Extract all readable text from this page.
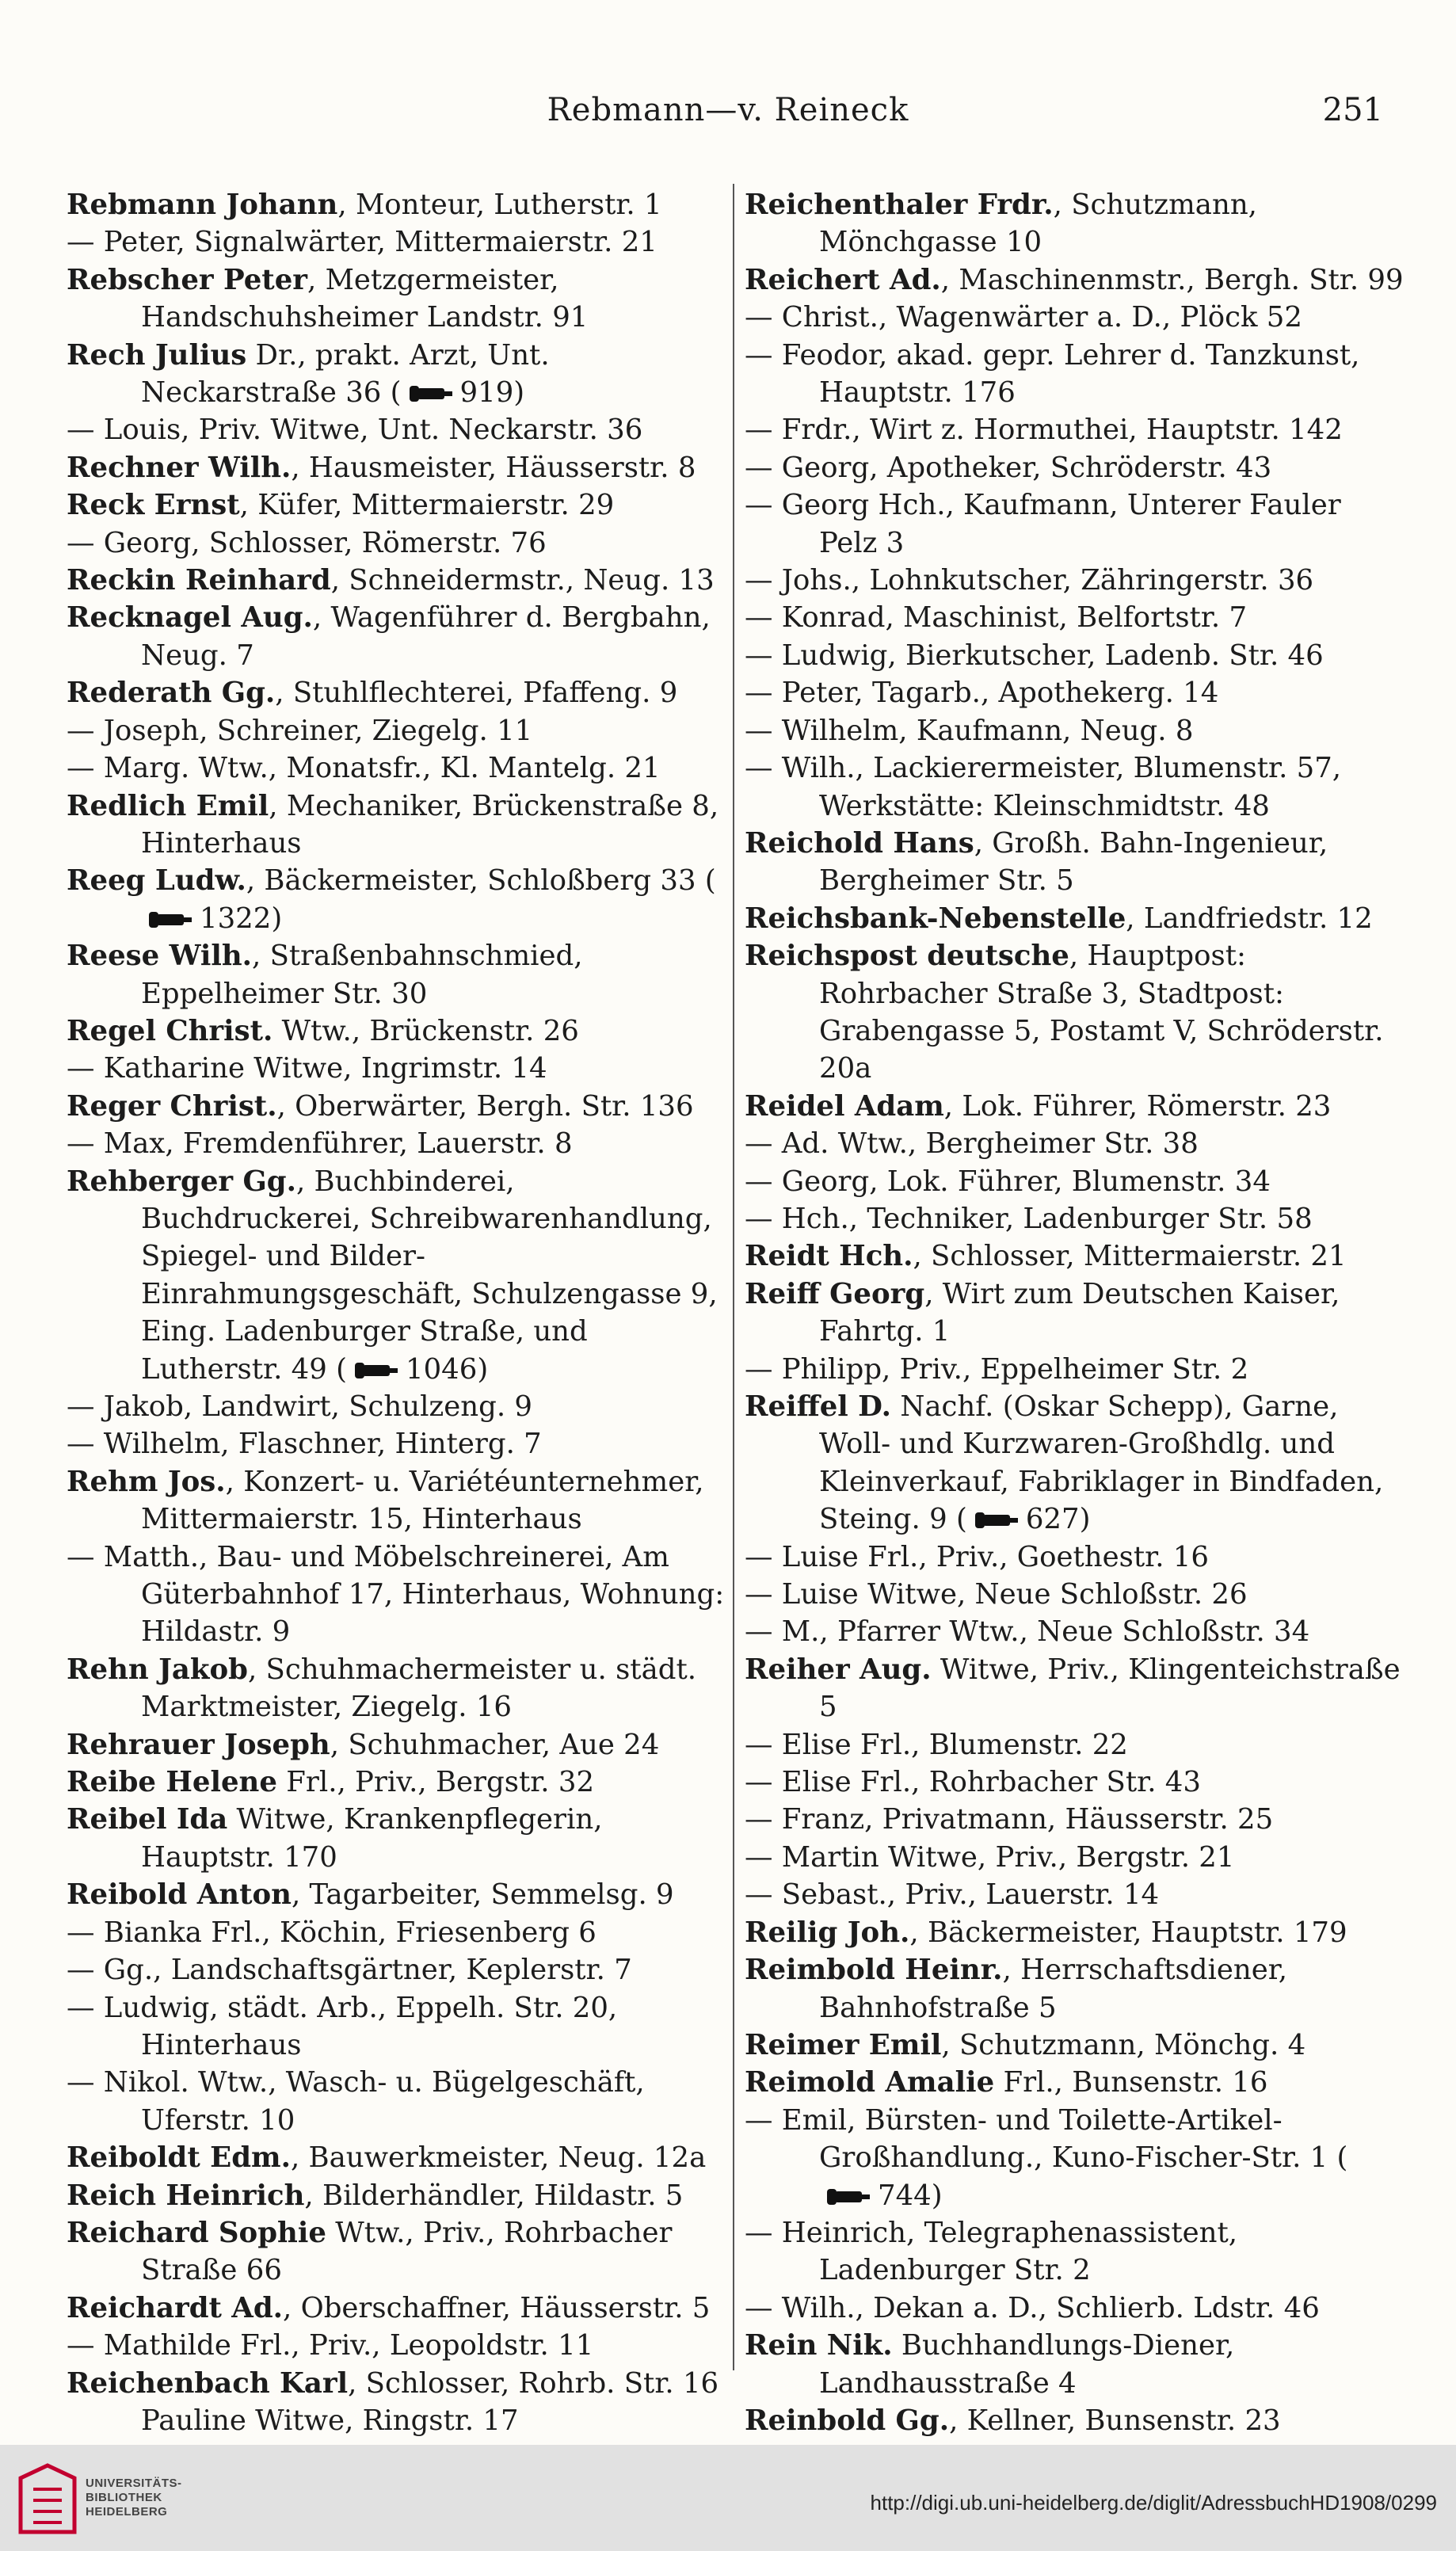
Rebmann—v. Reineck	251
Rebmann Johann, Monteur, Lutherstr. 1
— Peter, Signalwärter, Mittermaierstr. 21
Rebscher Peter, Metzgermeister, Handschuhsheimer Landstr. 91
Rech Julius Dr., prakt. Arzt, Unt. Neckarstraße 36 ( 919)
— Louis, Priv. Witwe, Unt. Neckarstr. 36
Rechner Wilh., Hausmeister, Häusserstr. 8
Reck Ernst, Küfer, Mittermaierstr. 29
— Georg, Schlosser, Römerstr. 76
Reckin Reinhard, Schneidermstr., Neug. 13
Recknagel Aug., Wagenführer d. Bergbahn, Neug. 7
Rederath Gg., Stuhlflechterei, Pfaffeng. 9
— Joseph, Schreiner, Ziegelg. 11
— Marg. Wtw., Monatsfr., Kl. Mantelg. 21
Redlich Emil, Mechaniker, Brückenstraße 8, Hinterhaus
Reeg Ludw., Bäckermeister, Schloßberg 33 (1322)
Reese Wilh., Straßenbahnschmied, Eppelheimer Str. 30
Regel Christ. Wtw., Brückenstr. 26
— Katharine Witwe, Ingrimstr. 14
Reger Christ., Oberwärter, Bergh. Str. 136
— Max, Fremdenführer, Lauerstr. 8
Rehberger Gg., Buchbinderei, Buchdruckerei, Schreibwarenhandlung, Spiegel- und Bilder-Einrahmungsgeschäft, Schulzengasse 9, Eing. Ladenburger Straße, und Lutherstr. 49 ( 1046)
— Jakob, Landwirt, Schulzeng. 9
— Wilhelm, Flaschner, Hinterg. 7
Rehm Jos., Konzert- u. Variétéunternehmer, Mittermaierstr. 15, Hinterhaus
— Matth., Bau- und Möbelschreinerei, Am Güterbahnhof 17, Hinterhaus, Wohnung: Hildastr. 9
Rehn Jakob, Schuhmachermeister u. städt. Marktmeister, Ziegelg. 16
Rehrauer Joseph, Schuhmacher, Aue 24
Reibe Helene Frl., Priv., Bergstr. 32
Reibel Ida Witwe, Krankenpflegerin, Hauptstr. 170
Reibold Anton, Tagarbeiter, Semmelsg. 9
— Bianka Frl., Köchin, Friesenberg 6
— Gg., Landschaftsgärtner, Keplerstr. 7
— Ludwig, städt. Arb., Eppelh. Str. 20, Hinterhaus
— Nikol. Wtw., Wasch- u. Bügelgeschäft, Uferstr. 10
Reiboldt Edm., Bauwerkmeister, Neug. 12a
Reich Heinrich, Bilderhändler, Hildastr. 5
Reichard Sophie Wtw., Priv., Rohrbacher Straße 66
Reichardt Ad., Oberschaffner, Häusserstr. 5
— Mathilde Frl., Priv., Leopoldstr. 11
Reichenbach Karl, Schlosser, Rohrb. Str. 16
Pauline Witwe, Ringstr. 17
Reichenthaler Frdr., Schutzmann, Mönchgasse 10
Reichert Ad., Maschinenmstr., Bergh. Str. 99
— Christ., Wagenwärter a. D., Plöck 52
— Feodor, akad. gepr. Lehrer d. Tanzkunst, Hauptstr. 176
— Frdr., Wirt z. Hormuthei, Hauptstr. 142
— Georg, Apotheker, Schröderstr. 43
— Georg Hch., Kaufmann, Unterer Fauler Pelz 3
— Johs., Lohnkutscher, Zähringerstr. 36
— Konrad, Maschinist, Belfortstr. 7
— Ludwig, Bierkutscher, Ladenb. Str. 46
— Peter, Tagarb., Apothekerg. 14
— Wilhelm, Kaufmann, Neug. 8
— Wilh., Lackierermeister, Blumenstr. 57, Werkstätte: Kleinschmidtstr. 48
Reichold Hans, Großh. Bahn-Ingenieur, Bergheimer Str. 5
Reichsbank-Nebenstelle, Landfriedstr. 12
Reichspost deutsche, Hauptpost: Rohrbacher Straße 3, Stadtpost: Grabengasse 5, Postamt V, Schröderstr. 20a
Reidel Adam, Lok. Führer, Römerstr. 23
— Ad. Wtw., Bergheimer Str. 38
— Georg, Lok. Führer, Blumenstr. 34
— Hch., Techniker, Ladenburger Str. 58
Reidt Hch., Schlosser, Mittermaierstr. 21
Reiff Georg, Wirt zum Deutschen Kaiser, Fahrtg. 1
— Philipp, Priv., Eppelheimer Str. 2
Reiffel D. Nachf. (Oskar Schepp), Garne, Woll- und Kurzwaren-Großhdlg. und Kleinverkauf, Fabriklager in Bindfaden, Steing. 9 ( 627)
— Luise Frl., Priv., Goethestr. 16
— Luise Witwe, Neue Schloßstr. 26
— M., Pfarrer Wtw., Neue Schloßstr. 34
Reiher Aug. Witwe, Priv., Klingenteichstraße 5
— Elise Frl., Blumenstr. 22
— Elise Frl., Rohrbacher Str. 43
— Franz, Privatmann, Häusserstr. 25
— Martin Witwe, Priv., Bergstr. 21
— Sebast., Priv., Lauerstr. 14
Reilig Joh., Bäckermeister, Hauptstr. 179
Reimbold Heinr., Herrschaftsdiener, Bahnhofstraße 5
Reimer Emil, Schutzmann, Mönchg. 4
Reimold Amalie Frl., Bunsenstr. 16
— Emil, Bürsten- und Toilette-Artikel-Großhandlung., Kuno-Fischer-Str. 1 (744)
— Heinrich, Telegraphenassistent, Ladenburger Str. 2
— Wilh., Dekan a. D., Schlierb. Ldstr. 46
Rein Nik. Buchhandlungs-Diener, Landhausstraße 4
Reinbold Gg., Kellner, Bunsenstr. 23
UNIVERSITÄTS-
BIBLIOTHEK
HEIDELBERG	http://digi.ub.uni-heidelberg.de/diglit/AdressbuchHD1908/0299
